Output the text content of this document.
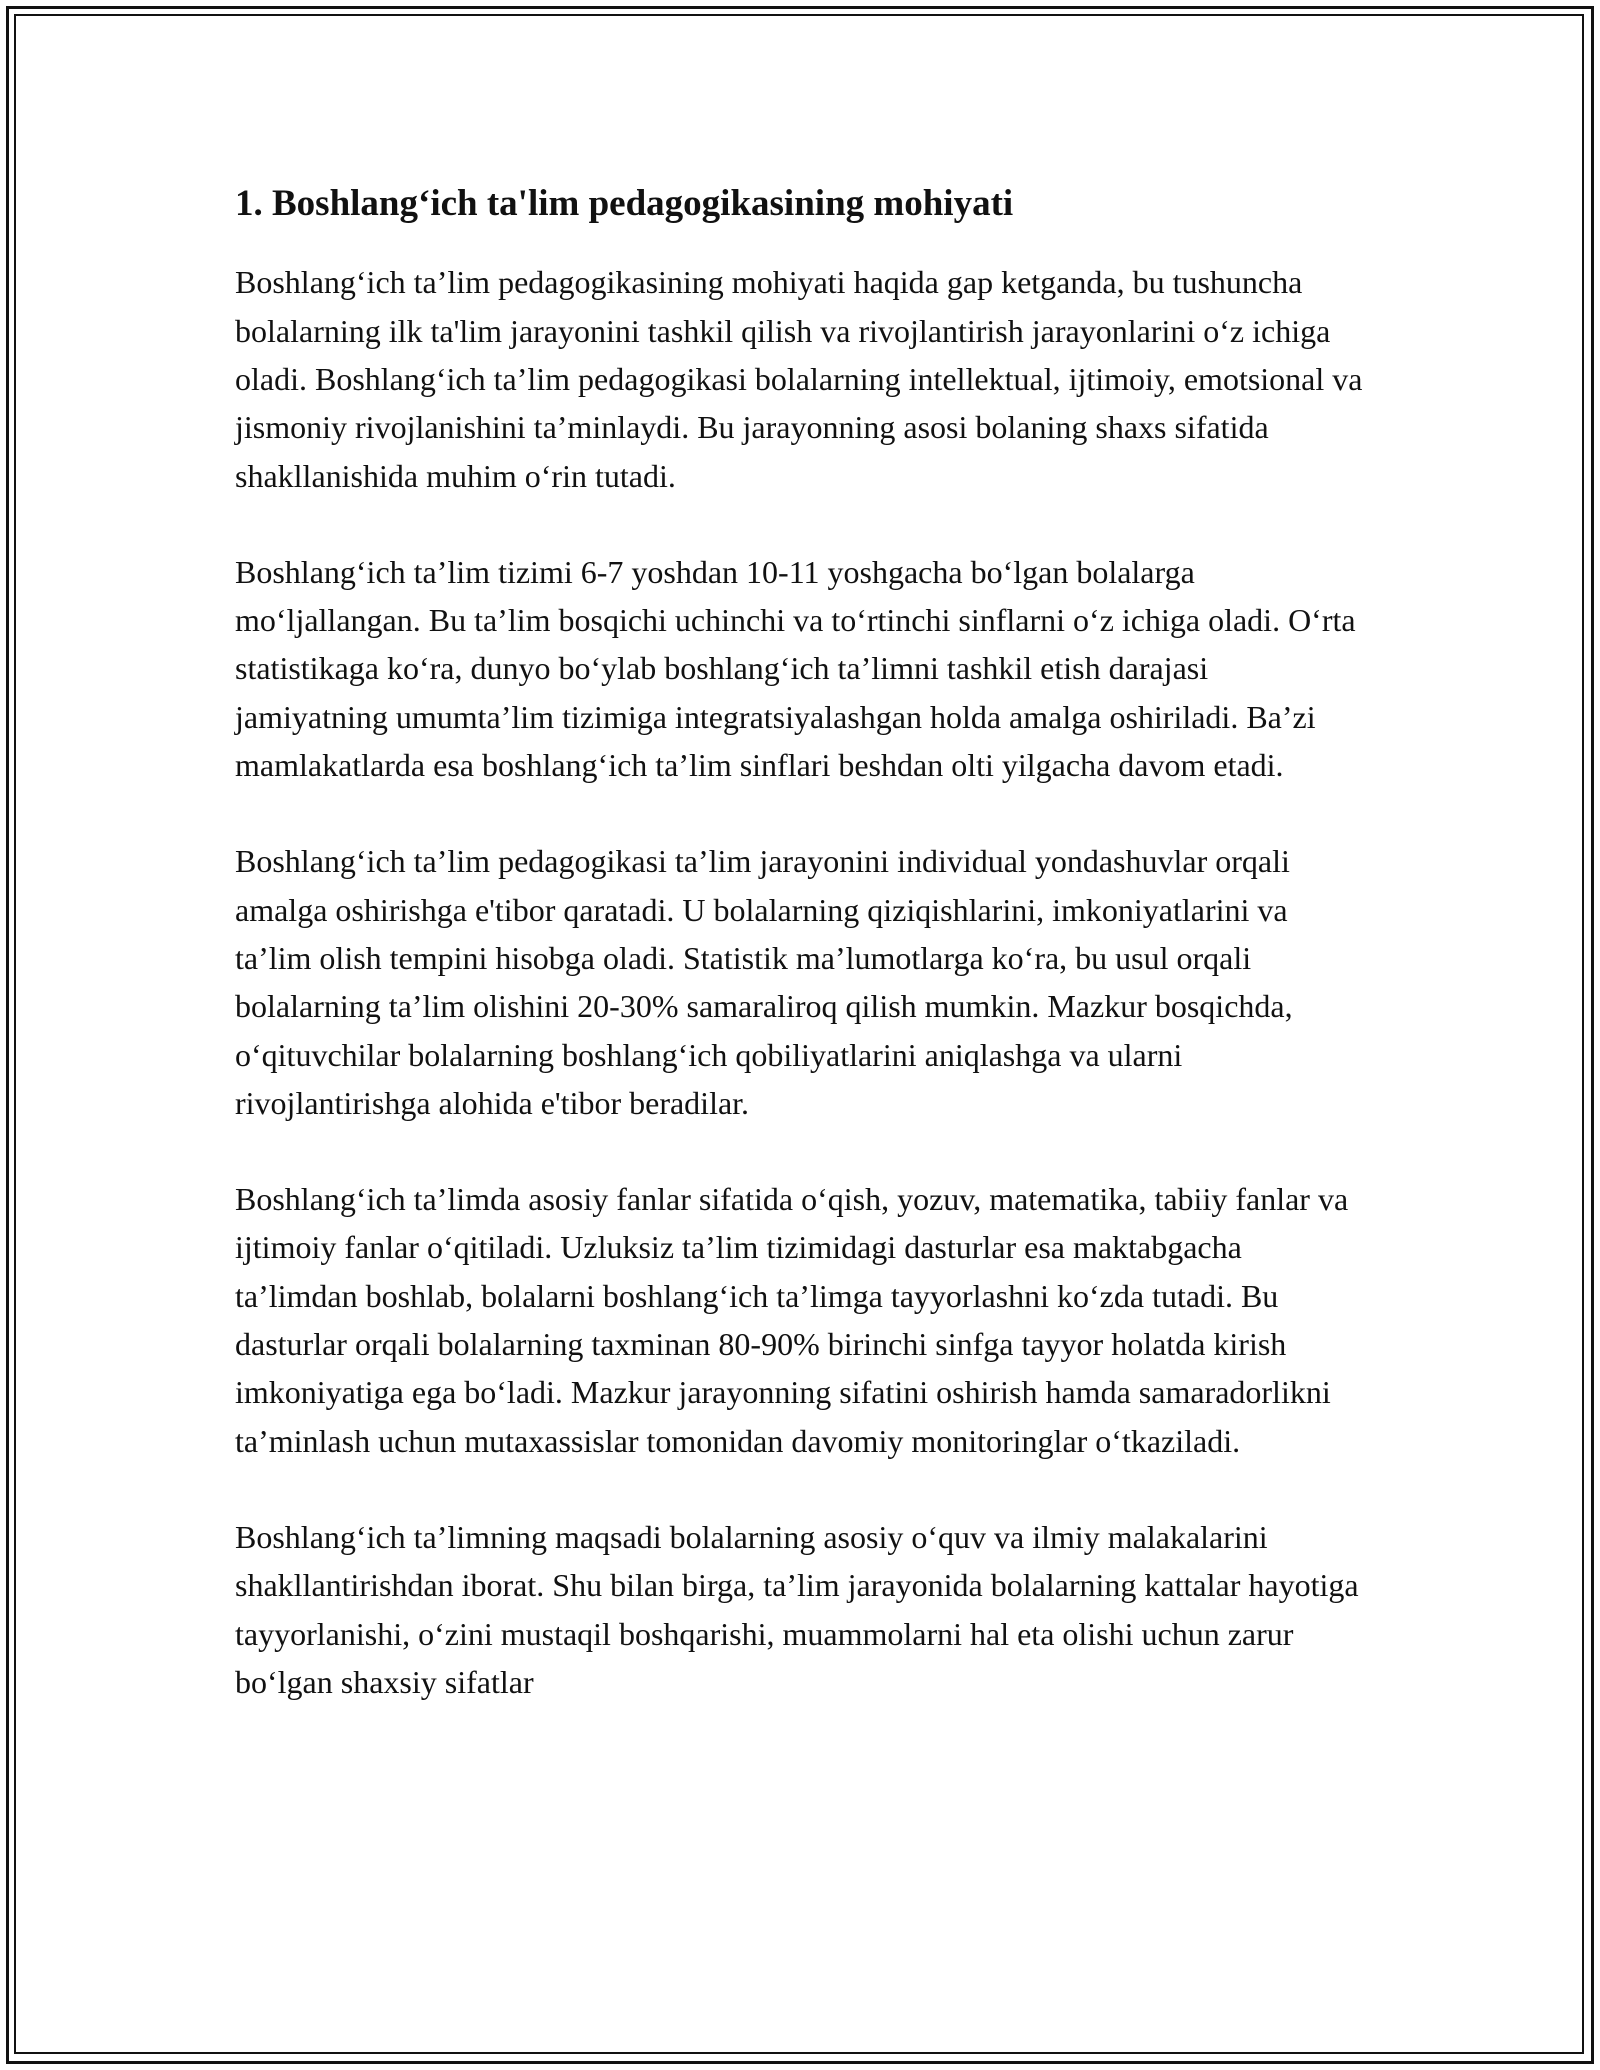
1. Boshlang‘ich ta'lim pedagogikasining mohiyati

Boshlang‘ich ta’lim pedagogikasining mohiyati haqida gap ketganda, bu tushuncha bolalarning ilk ta'lim jarayonini tashkil qilish va rivojlantirish jarayonlarini o‘z ichiga oladi. Boshlang‘ich ta’lim pedagogikasi bolalarning intellektual, ijtimoiy, emotsional va jismoniy rivojlanishini ta’minlaydi. Bu jarayonning asosi bolaning shaxs sifatida shakllanishida muhim o‘rin tutadi.

Boshlang‘ich ta’lim tizimi 6-7 yoshdan 10-11 yoshgacha bo‘lgan bolalarga mo‘ljallangan. Bu ta’lim bosqichi uchinchi va to‘rtinchi sinflarni o‘z ichiga oladi. O‘rta statistikaga ko‘ra, dunyo bo‘ylab boshlang‘ich ta’limni tashkil etish darajasi jamiyatning umumta’lim tizimiga integratsiyalashgan holda amalga oshiriladi. Ba’zi mamlakatlarda esa boshlang‘ich ta’lim sinflari beshdan olti yilgacha davom etadi.

Boshlang‘ich ta’lim pedagogikasi ta’lim jarayonini individual yondashuvlar orqali amalga oshirishga e'tibor qaratadi. U bolalarning qiziqishlarini, imkoniyatlarini va ta’lim olish tempini hisobga oladi. Statistik ma’lumotlarga ko‘ra, bu usul orqali bolalarning ta’lim olishini 20-30% samaraliroq qilish mumkin. Mazkur bosqichda, o‘qituvchilar bolalarning boshlang‘ich qobiliyatlarini aniqlashga va ularni rivojlantirishga alohida e'tibor beradilar.

Boshlang‘ich ta’limda asosiy fanlar sifatida o‘qish, yozuv, matematika, tabiiy fanlar va ijtimoiy fanlar o‘qitiladi. Uzluksiz ta’lim tizimidagi dasturlar esa maktabgacha ta’limdan boshlab, bolalarni boshlang‘ich ta’limga tayyorlashni ko‘zda tutadi. Bu dasturlar orqali bolalarning taxminan 80-90% birinchi sinfga tayyor holatda kirish imkoniyatiga ega bo‘ladi. Mazkur jarayonning sifatini oshirish hamda samaradorlikni ta’minlash uchun mutaxassislar tomonidan davomiy monitoringlar o‘tkaziladi.

Boshlang‘ich ta’limning maqsadi bolalarning asosiy o‘quv va ilmiy malakalarini shakllantirishdan iborat. Shu bilan birga, ta’lim jarayonida bolalarning kattalar hayotiga tayyorlanishi, o‘zini mustaqil boshqarishi, muammolarni hal eta olishi uchun zarur bo‘lgan shaxsiy sifatlar
